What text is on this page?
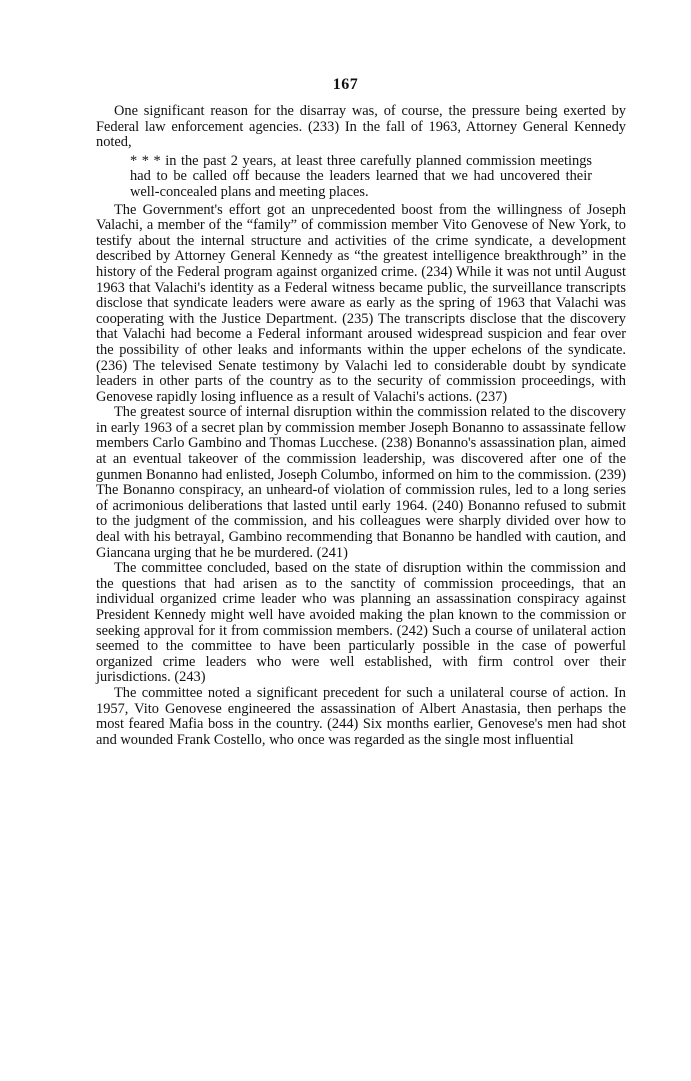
167

One significant reason for the disarray was, of course, the pressure being exerted by Federal law enforcement agencies. (233) In the fall of 1963, Attorney General Kennedy noted,

* * * in the past 2 years, at least three carefully planned commission meetings had to be called off because the leaders learned that we had uncovered their well-concealed plans and meeting places.

The Government's effort got an unprecedented boost from the willingness of Joseph Valachi, a member of the “family” of commission member Vito Genovese of New York, to testify about the internal structure and activities of the crime syndicate, a development described by Attorney General Kennedy as “the greatest intelligence breakthrough” in the history of the Federal program against organized crime. (234) While it was not until August 1963 that Valachi's identity as a Federal witness became public, the surveillance transcripts disclose that syndicate leaders were aware as early as the spring of 1963 that Valachi was cooperating with the Justice Department. (235) The transcripts disclose that the discovery that Valachi had become a Federal informant aroused widespread suspicion and fear over the possibility of other leaks and informants within the upper echelons of the syndicate. (236) The televised Senate testimony by Valachi led to considerable doubt by syndicate leaders in other parts of the country as to the security of commission proceedings, with Genovese rapidly losing influence as a result of Valachi's actions. (237)

The greatest source of internal disruption within the commission related to the discovery in early 1963 of a secret plan by commission member Joseph Bonanno to assassinate fellow members Carlo Gambino and Thomas Lucchese. (238) Bonanno's assassination plan, aimed at an eventual takeover of the commission leadership, was discovered after one of the gunmen Bonanno had enlisted, Joseph Columbo, informed on him to the commission. (239) The Bonanno conspiracy, an unheard-of violation of commission rules, led to a long series of acrimonious deliberations that lasted until early 1964. (240) Bonanno refused to submit to the judgment of the commission, and his colleagues were sharply divided over how to deal with his betrayal, Gambino recommending that Bonanno be handled with caution, and Giancana urging that he be murdered. (241)

The committee concluded, based on the state of disruption within the commission and the questions that had arisen as to the sanctity of commission proceedings, that an individual organized crime leader who was planning an assassination conspiracy against President Kennedy might well have avoided making the plan known to the commission or seeking approval for it from commission members. (242) Such a course of unilateral action seemed to the committee to have been particularly possible in the case of powerful organized crime leaders who were well established, with firm control over their jurisdictions. (243)

The committee noted a significant precedent for such a unilateral course of action. In 1957, Vito Genovese engineered the assassination of Albert Anastasia, then perhaps the most feared Mafia boss in the country. (244) Six months earlier, Genovese's men had shot and wounded Frank Costello, who once was regarded as the single most influential
